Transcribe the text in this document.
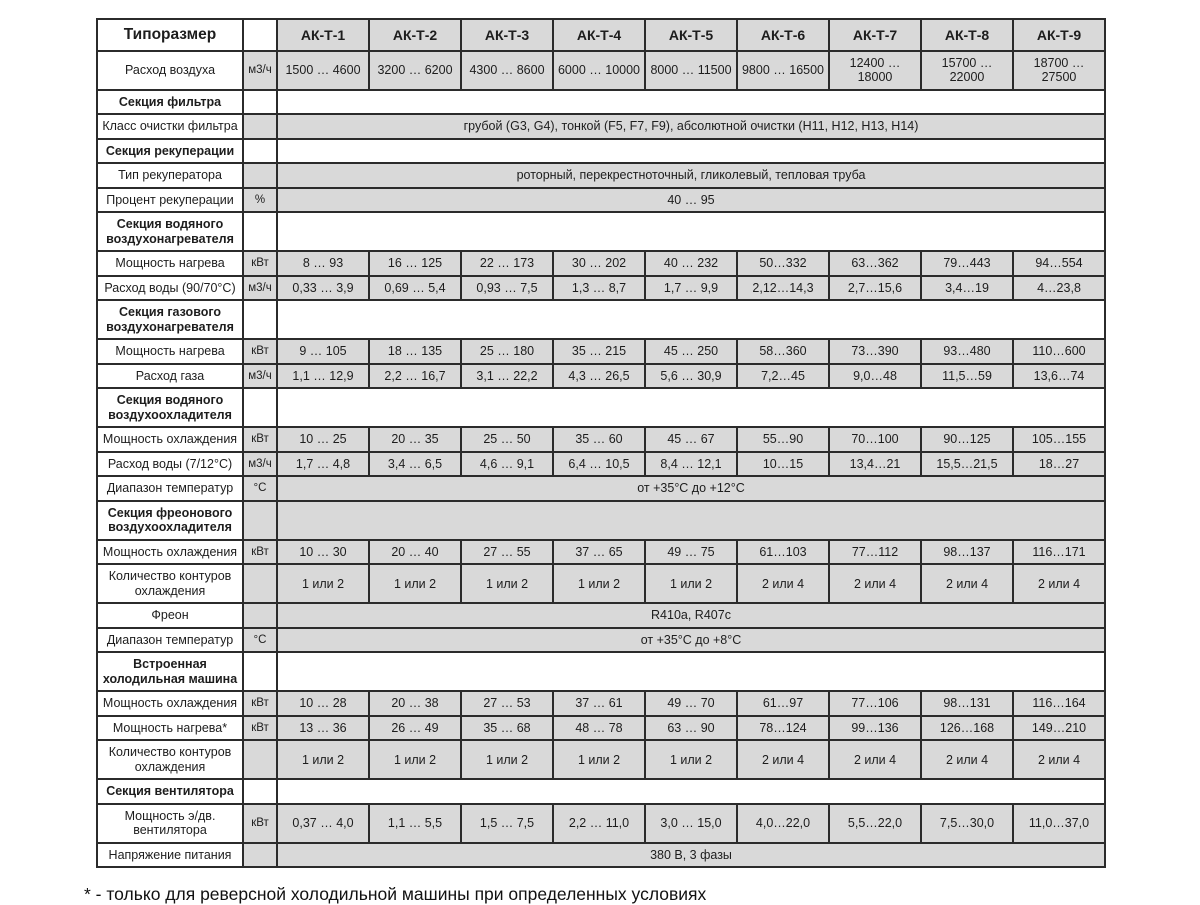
Типоразмер		АК-Т-1	АК-Т-2	АК-Т-3	АК-Т-4	АК-Т-5	АК-Т-6	АК-Т-7	АК-Т-8	АК-Т-9
Расход воздуха	м3/ч	1500 … 4600	3200 … 6200	4300 … 8600	6000 … 10000	8000 … 11500	9800 … 16500	12400 … 18000	15700 … 22000	18700 … 27500
Секция фильтра										
Класс очистки фильтра		грубой (G3, G4), тонкой (F5, F7, F9), абсолютной очистки (H11, H12, H13, H14)								
Секция рекуперации										
Тип рекуператора		роторный, перекрестноточный, гликолевый, тепловая труба								
Процент рекуперации	%	40 … 95								
Секция водяного воздухонагревателя										
Мощность нагрева	кВт	8 … 93	16 … 125	22 … 173	30 … 202	40 … 232	50…332	63…362	79…443	94…554
Расход воды (90/70°С)	м3/ч	0,33 … 3,9	0,69 … 5,4	0,93 … 7,5	1,3 … 8,7	1,7 … 9,9	2,12…14,3	2,7…15,6	3,4…19	4…23,8
Секция газового воздухонагревателя										
Мощность нагрева	кВт	9 … 105	18 … 135	25 … 180	35 … 215	45 … 250	58…360	73…390	93…480	110…600
Расход газа	м3/ч	1,1 … 12,9	2,2 … 16,7	3,1 … 22,2	4,3 … 26,5	5,6 … 30,9	7,2…45	9,0…48	11,5…59	13,6…74
Секция водяного воздухоохладителя										
Мощность охлаждения	кВт	10 … 25	20 … 35	25 … 50	35 … 60	45 … 67	55…90	70…100	90…125	105…155
Расход воды (7/12°С)	м3/ч	1,7 … 4,8	3,4 … 6,5	4,6 … 9,1	6,4 … 10,5	8,4 … 12,1	10…15	13,4…21	15,5…21,5	18…27
Диапазон температур	°С	от +35°С до +12°С								
Секция фреонового воздухоохладителя										
Мощность охлаждения	кВт	10 … 30	20 … 40	27 … 55	37 … 65	49 … 75	61…103	77…112	98…137	116…171
Количество контуров охлаждения		1 или 2	1 или 2	1 или 2	1 или 2	1 или 2	2 или 4	2 или 4	2 или 4	2 или 4
Фреон		R410a, R407c								
Диапазон температур	°С	от +35°С до +8°С								
Встроенная холодильная машина										
Мощность охлаждения	кВт	10 … 28	20 … 38	27 … 53	37 … 61	49 … 70	61…97	77…106	98…131	116…164
Мощность нагрева*	кВт	13 … 36	26 … 49	35 … 68	48 … 78	63 … 90	78…124	99…136	126…168	149…210
Количество контуров охлаждения		1 или 2	1 или 2	1 или 2	1 или 2	1 или 2	2 или 4	2 или 4	2 или 4	2 или 4
Секция вентилятора										
Мощность э/дв. вентилятора	кВт	0,37 … 4,0	1,1 … 5,5	1,5 … 7,5	2,2 … 11,0	3,0 … 15,0	4,0…22,0	5,5…22,0	7,5…30,0	11,0…37,0
Напряжение питания		380 В, 3 фазы								

* - только для реверсной холодильной машины при определенных условиях
